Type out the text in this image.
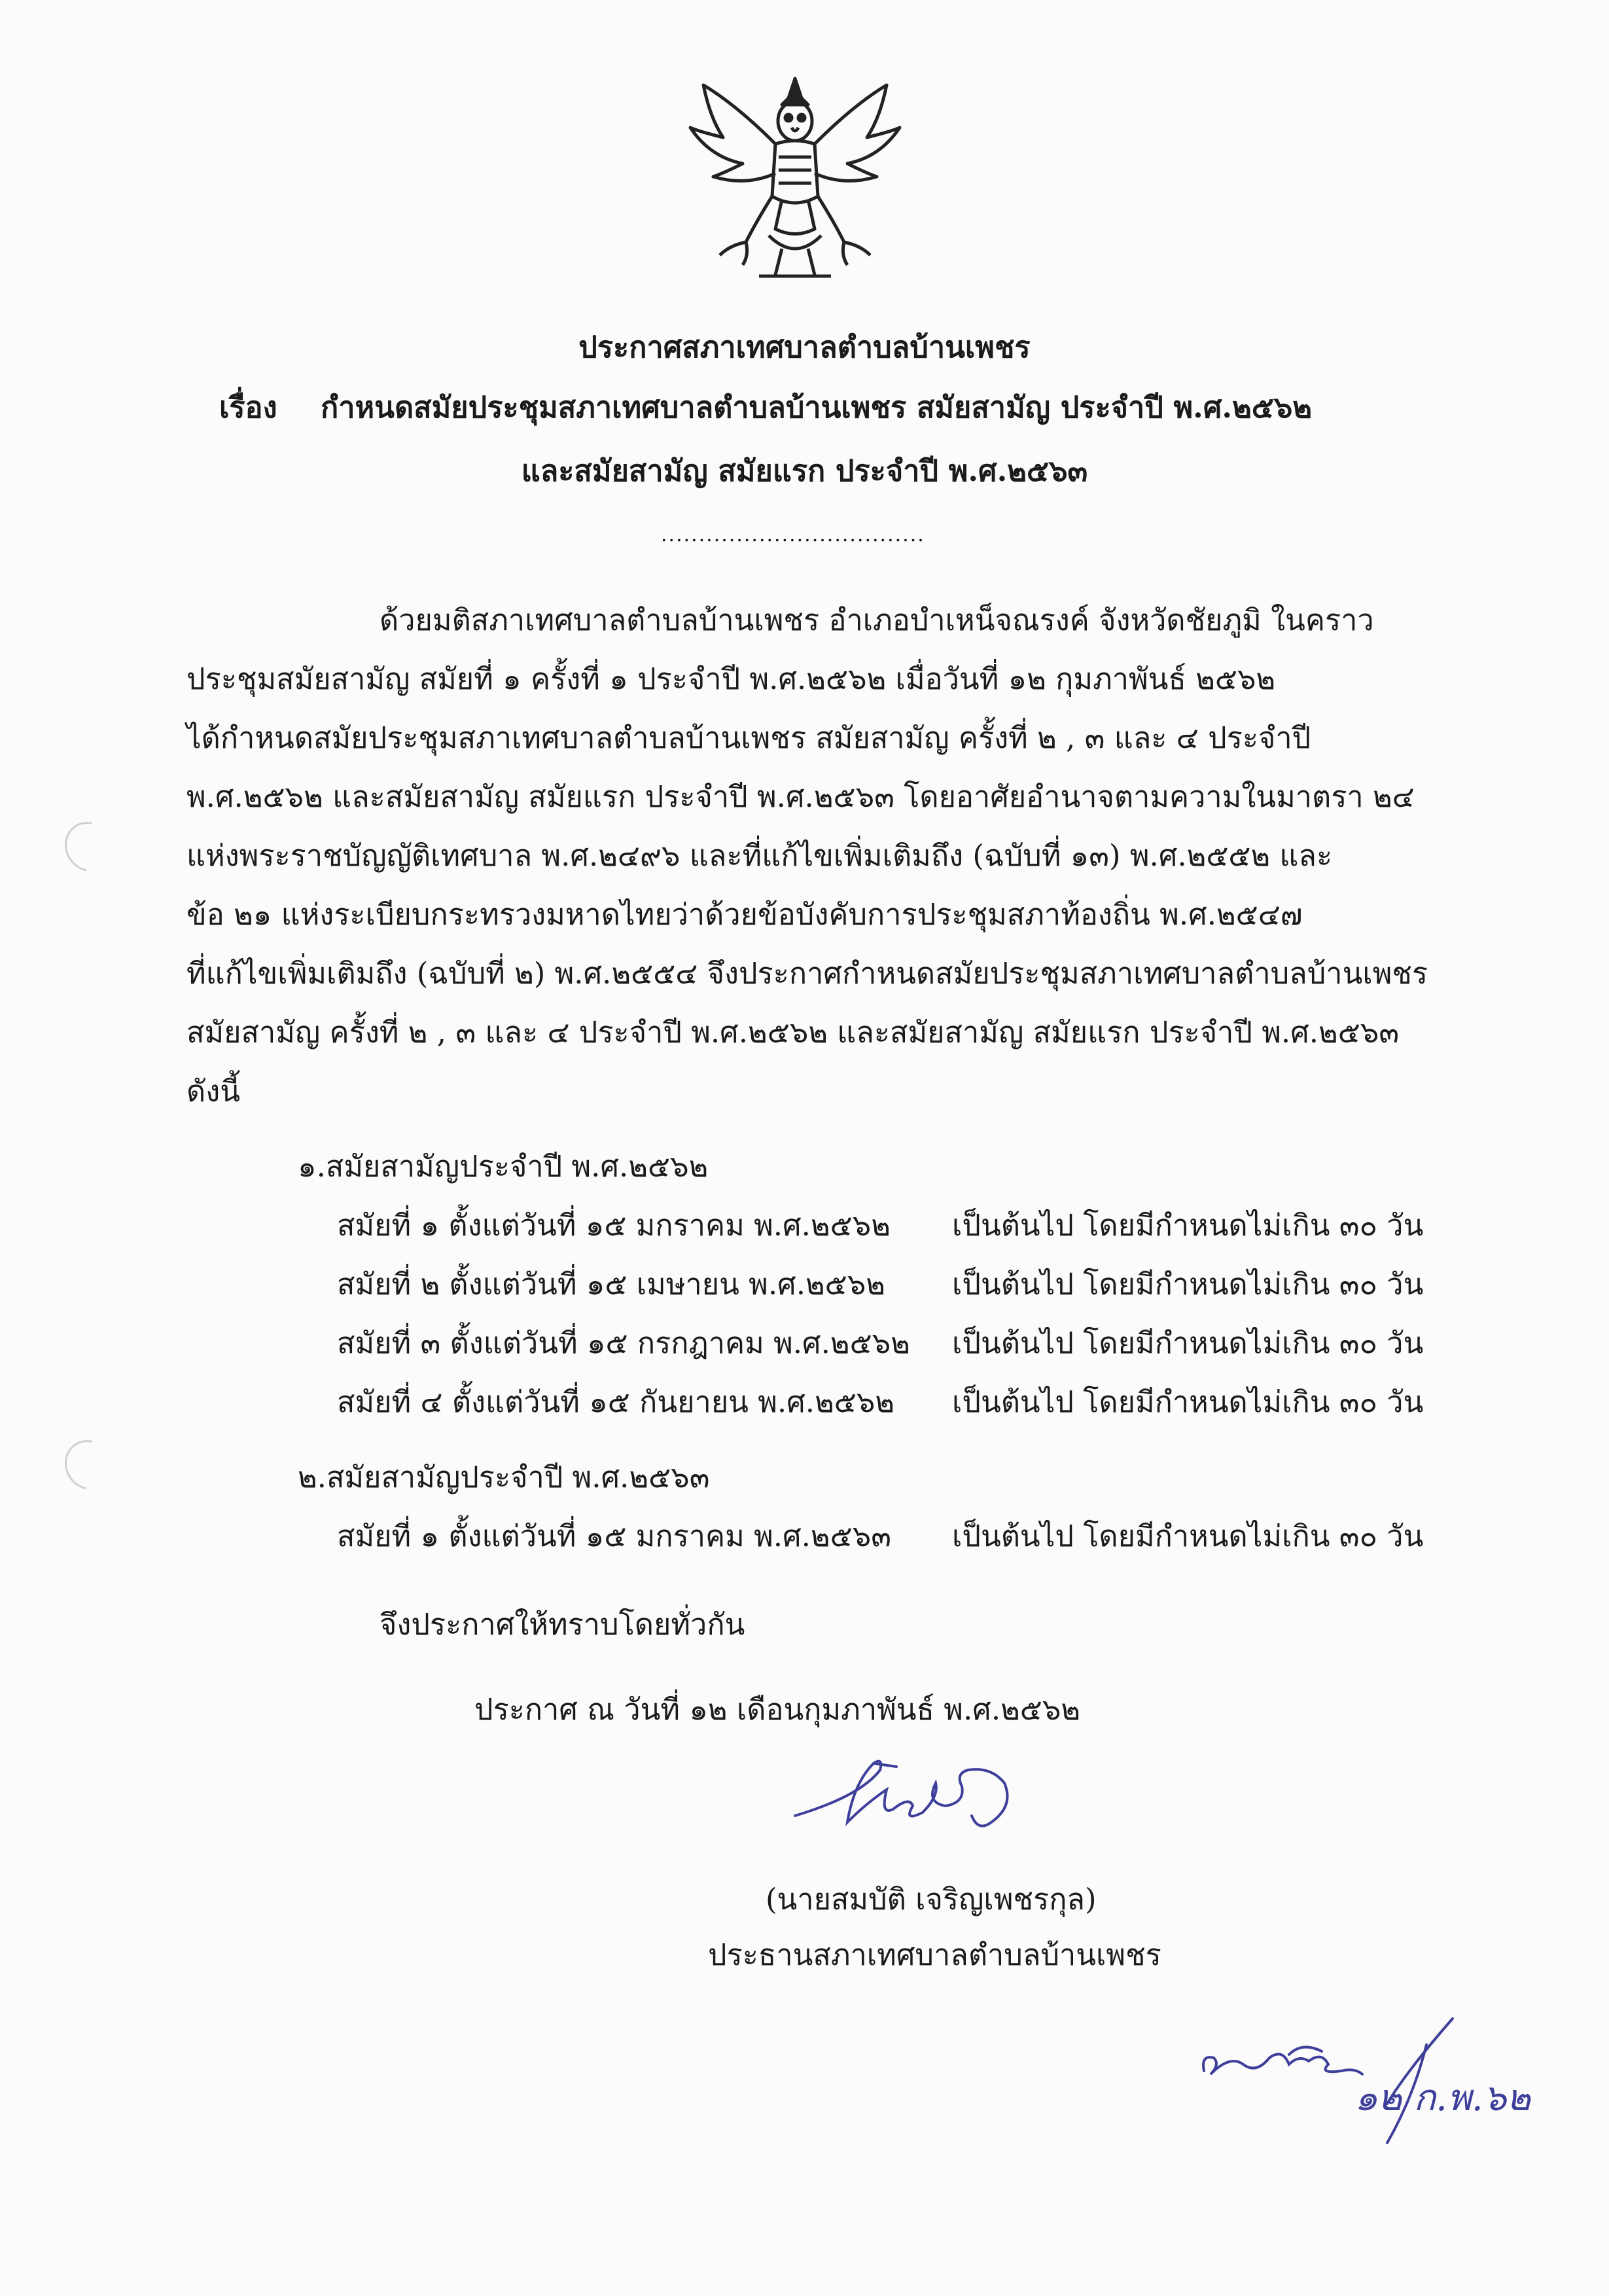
ประกาศสภาเทศบาลตำบลบ้านเพชร
เรื่อง กำหนดสมัยประชุมสภาเทศบาลตำบลบ้านเพชร สมัยสามัญ ประจำปี พ.ศ.๒๕๖๒
และสมัยสามัญ สมัยแรก ประจำปี พ.ศ.๒๕๖๓
...................................
ด้วยมติสภาเทศบาลตำบลบ้านเพชร อำเภอบำเหน็จณรงค์ จังหวัดชัยภูมิ ในคราว
ประชุมสมัยสามัญ สมัยที่ ๑ ครั้งที่ ๑ ประจำปี พ.ศ.๒๕๖๒ เมื่อวันที่ ๑๒ กุมภาพันธ์ ๒๕๖๒
ได้กำหนดสมัยประชุมสภาเทศบาลตำบลบ้านเพชร สมัยสามัญ ครั้งที่ ๒ , ๓ และ ๔ ประจำปี
พ.ศ.๒๕๖๒ และสมัยสามัญ สมัยแรก ประจำปี พ.ศ.๒๕๖๓ โดยอาศัยอำนาจตามความในมาตรา ๒๔
แห่งพระราชบัญญัติเทศบาล พ.ศ.๒๔๙๖ และที่แก้ไขเพิ่มเติมถึง (ฉบับที่ ๑๓) พ.ศ.๒๕๕๒ และ
ข้อ ๒๑ แห่งระเบียบกระทรวงมหาดไทยว่าด้วยข้อบังคับการประชุมสภาท้องถิ่น พ.ศ.๒๕๔๗
ที่แก้ไขเพิ่มเติมถึง (ฉบับที่ ๒) พ.ศ.๒๕๕๔ จึงประกาศกำหนดสมัยประชุมสภาเทศบาลตำบลบ้านเพชร
สมัยสามัญ ครั้งที่ ๒ , ๓ และ ๔ ประจำปี พ.ศ.๒๕๖๒ และสมัยสามัญ สมัยแรก ประจำปี พ.ศ.๒๕๖๓
ดังนี้
๑.สมัยสามัญประจำปี พ.ศ.๒๕๖๒
สมัยที่ ๑ ตั้งแต่วันที่ ๑๕ มกราคม พ.ศ.๒๕๖๒ เป็นต้นไป โดยมีกำหนดไม่เกิน ๓๐ วัน
สมัยที่ ๒ ตั้งแต่วันที่ ๑๕ เมษายน พ.ศ.๒๕๖๒ เป็นต้นไป โดยมีกำหนดไม่เกิน ๓๐ วัน
สมัยที่ ๓ ตั้งแต่วันที่ ๑๕ กรกฎาคม พ.ศ.๒๕๖๒ เป็นต้นไป โดยมีกำหนดไม่เกิน ๓๐ วัน
สมัยที่ ๔ ตั้งแต่วันที่ ๑๕ กันยายน พ.ศ.๒๕๖๒ เป็นต้นไป โดยมีกำหนดไม่เกิน ๓๐ วัน
๒.สมัยสามัญประจำปี พ.ศ.๒๕๖๓
สมัยที่ ๑ ตั้งแต่วันที่ ๑๕ มกราคม พ.ศ.๒๕๖๓ เป็นต้นไป โดยมีกำหนดไม่เกิน ๓๐ วัน
จึงประกาศให้ทราบโดยทั่วกัน
ประกาศ ณ วันที่ ๑๒ เดือนกุมภาพันธ์ พ.ศ.๒๕๖๒
(นายสมบัติ เจริญเพชรกุล)
ประธานสภาเทศบาลตำบลบ้านเพชร
๑๒ ก.พ.๖๒
